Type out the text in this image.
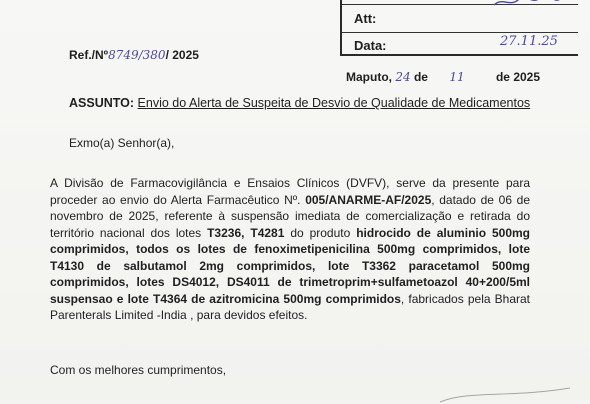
Att:
Data:	27.11.25
Ref./Nº8749/380/ 2025
Maputo, 24 de 11	de 2025
ASSUNTO: Envio do Alerta de Suspeita de Desvio de Qualidade de Medicamentos
Exmo(a) Senhor(a),
A Divisão de Farmacovigilância e Ensaios Clínicos (DVFV), serve da presente para proceder ao envio do Alerta Farmacêutico Nº. 005/ANARME-AF/2025, datado de 06 de novembro de 2025, referente à suspensão imediata de comercialização e retirada do território nacional dos lotes T3236, T4281 do produto hidrocido de aluminio 500mg comprimidos, todos os lotes de fenoximetipenicilina 500mg comprimidos, lote T4130 de salbutamol 2mg comprimidos, lote T3362 paracetamol 500mg comprimidos, lotes DS4012, DS4011 de trimetroprim+sulfametoazol 40+200/5ml suspensao e lote T4364 de azitromicina 500mg comprimidos, fabricados pela Bharat Parenterals Limited -India , para devidos efeitos.
Com os melhores cumprimentos,
